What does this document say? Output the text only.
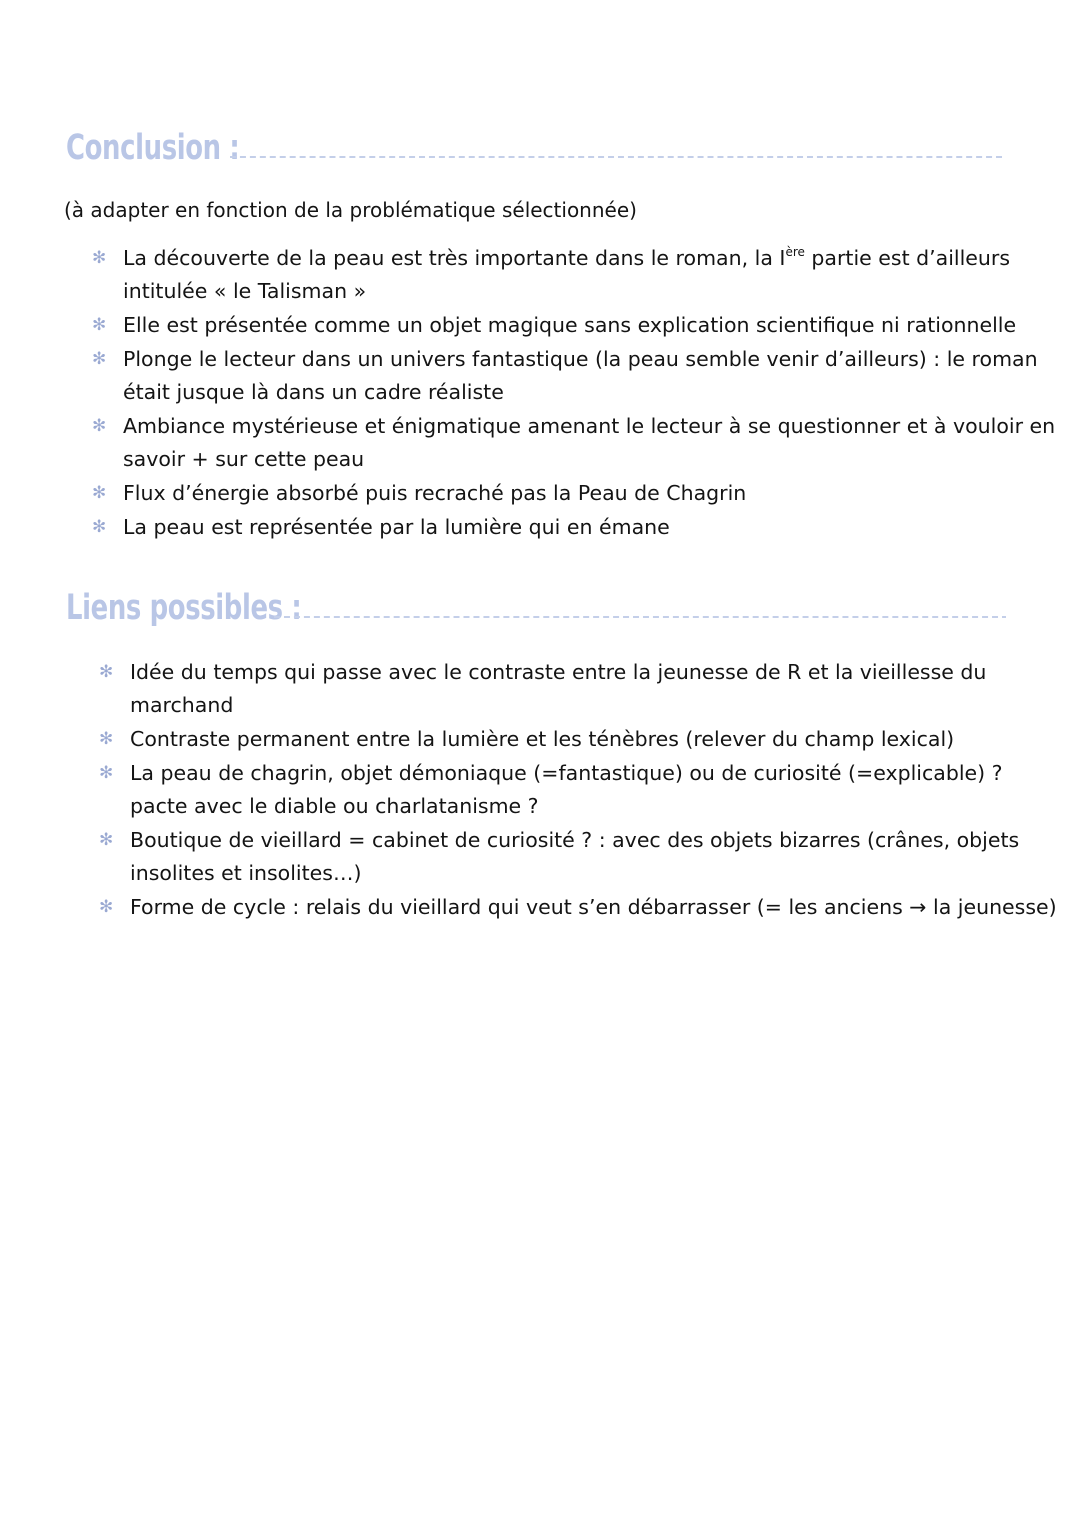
Conclusion :
(à adapter en fonction de la problématique sélectionnée)
✻ La découverte de la peau est très importante dans le roman, la Ière partie est d’ailleurs
intitulée « le Talisman »
✻ Elle est présentée comme un objet magique sans explication scientifique ni rationnelle
✻ Plonge le lecteur dans un univers fantastique (la peau semble venir d’ailleurs) : le roman
était jusque là dans un cadre réaliste
✻ Ambiance mystérieuse et énigmatique amenant le lecteur à se questionner et à vouloir en
savoir + sur cette peau
✻ Flux d’énergie absorbé puis recraché pas la Peau de Chagrin
✻ La peau est représentée par la lumière qui en émane
Liens possibles :
✻ Idée du temps qui passe avec le contraste entre la jeunesse de R et la vieillesse du
marchand
✻ Contraste permanent entre la lumière et les ténèbres (relever du champ lexical)
✻ La peau de chagrin, objet démoniaque (=fantastique) ou de curiosité (=explicable) ?
pacte avec le diable ou charlatanisme ?
✻ Boutique de vieillard = cabinet de curiosité ? : avec des objets bizarres (crânes, objets
insolites et insolites…)
✻ Forme de cycle : relais du vieillard qui veut s’en débarrasser (= les anciens → la jeunesse)
